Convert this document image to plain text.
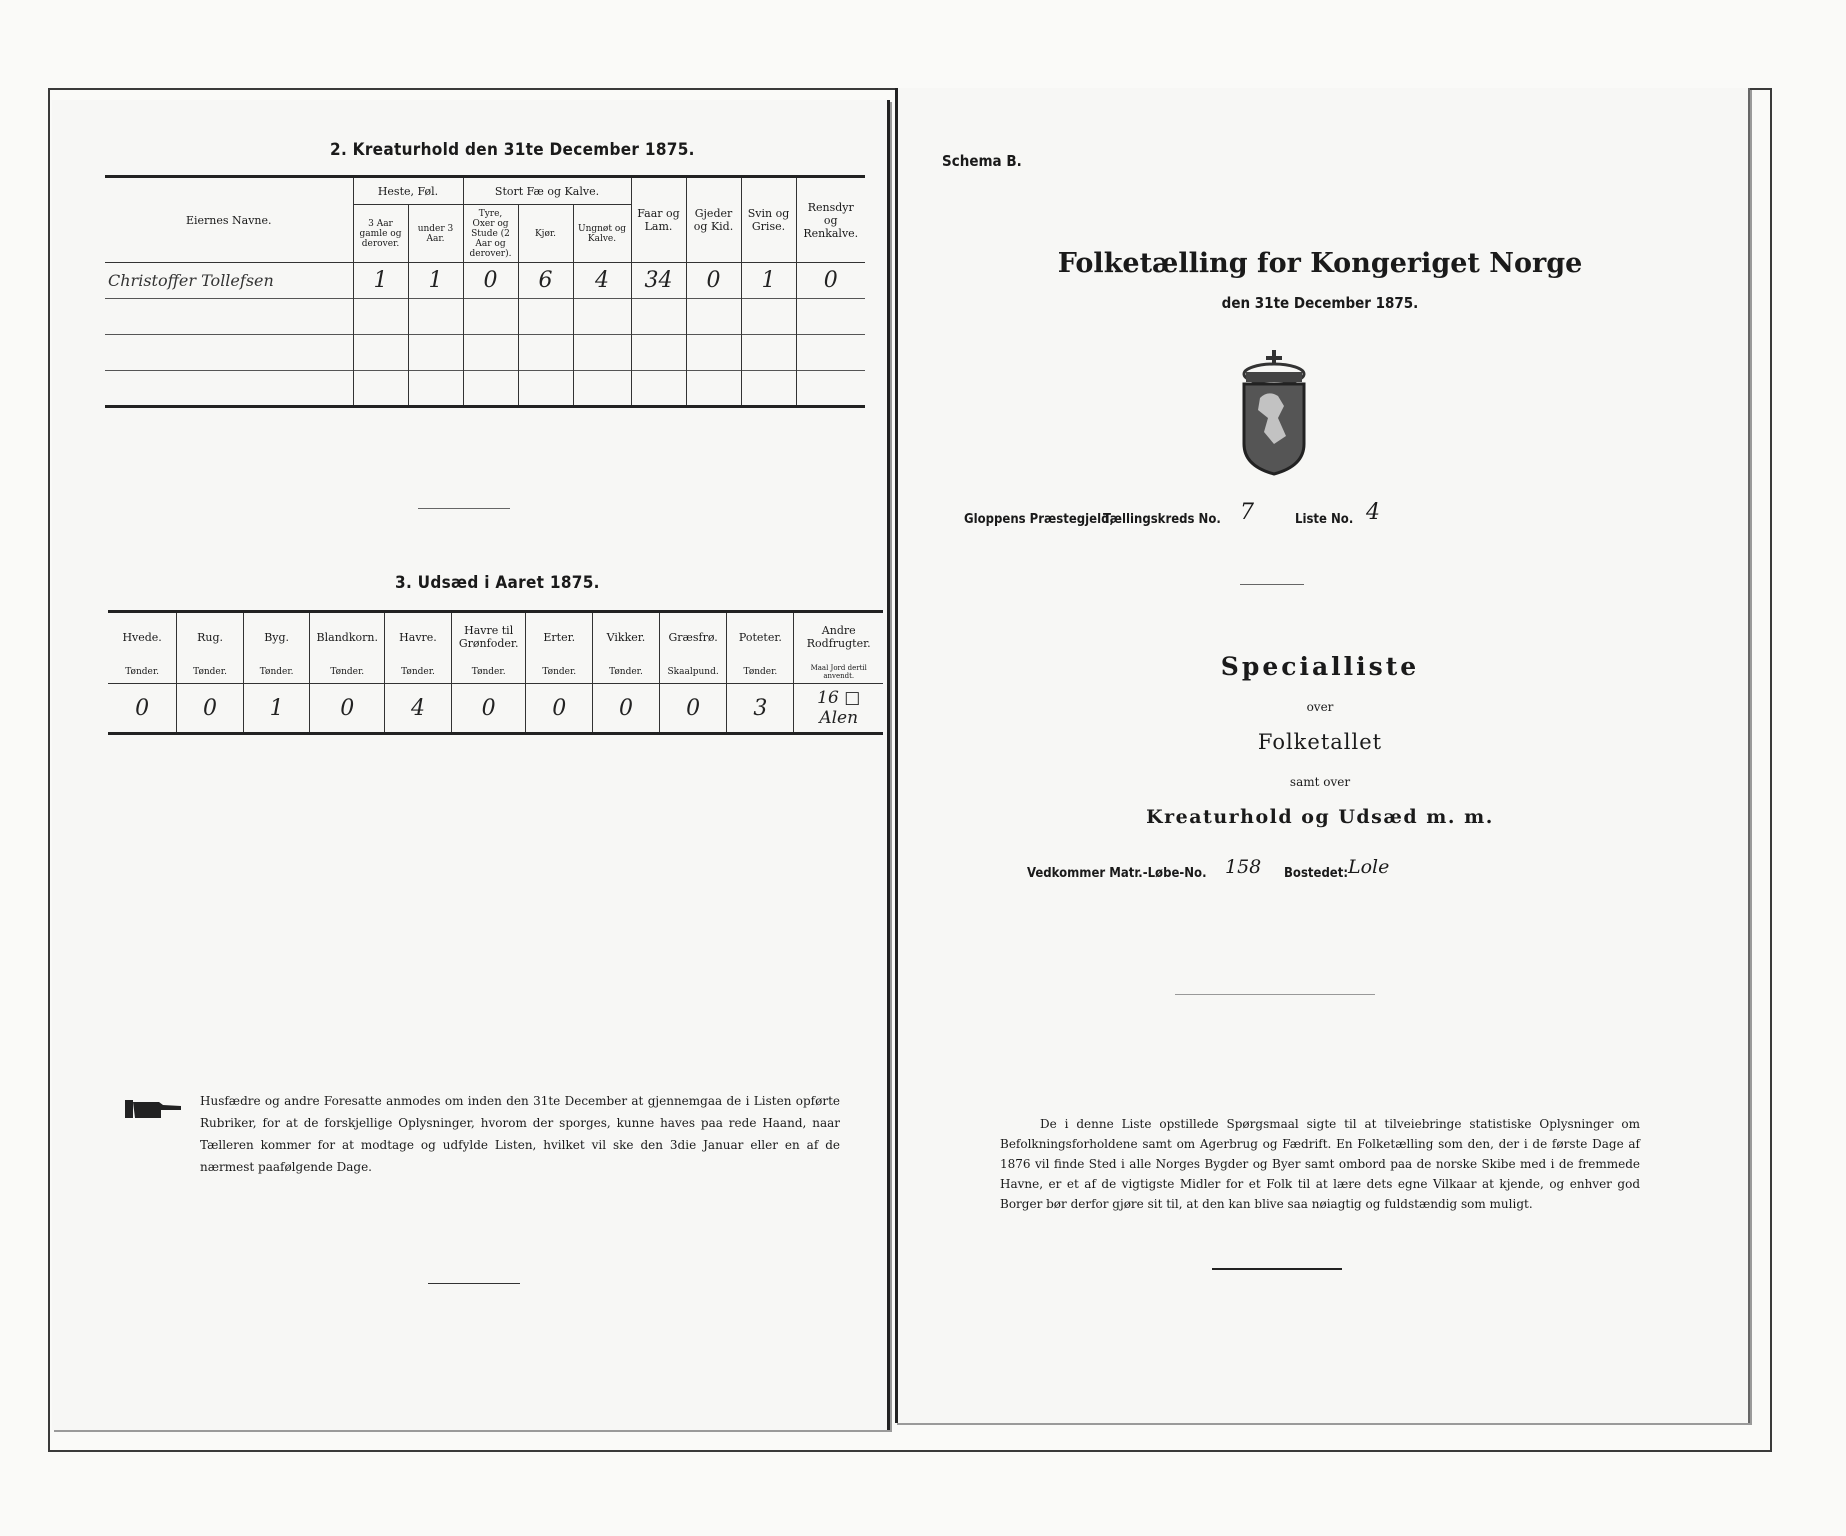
2. Kreaturhold den 31te December 1875.
Eiernes Navne.	Heste, Føl.		Stort Fæ og Kalve.			Faar og Lam.	Gjeder og Kid.	Svin og Grise.	Rensdyr og Renkalve.
	3 Aar gamle og derover.	under 3 Aar.	Tyre, Oxer og Stude (2 Aar og derover).	Kjør.	Ungnøt og Kalve.				
Christoffer Tollefsen	1	1	0	6	4	34	0	1	0

3. Udsæd i Aaret 1875.
Hvede.	Rug.	Byg.	Blandkorn.	Havre.	Havre til Grønfoder.	Erter.	Vikker.	Græsfrø.	Poteter.	Andre Rodfrugter.
Tønder.	Tønder.	Tønder.	Tønder.	Tønder.	Tønder.	Tønder.	Tønder.	Skaalpund.	Tønder.	Maal Jord dertil anvendt.
0	0	1	0	4	0	0	0	0	3	16 □ Alen
Husfædre og andre Foresatte anmodes om inden den 31te December at gjennemgaa de i Listen opførte Rubriker, for at de forskjellige Oplysninger, hvorom der sporges, kunne haves paa rede Haand, naar Tælleren kommer for at modtage og udfylde Listen, hvilket vil ske den 3die Januar eller en af de nærmest paafølgende Dage.
Schema B.
Folketælling for Kongeriget Norge
den 31te December 1875.
Gloppens Præstegjeld,
Tællingskreds No. 7	Liste No. 4
Specialliste
over
Folketallet
samt over
Kreaturhold og Udsæd m. m.
Vedkommer Matr.-Løbe-No. 158 Bostedet: Lole
De i denne Liste opstillede Spørgsmaal sigte til at tilveiebringe statistiske Oplysninger om Befolkningsforholdene samt om Agerbrug og Fædrift. En Folketælling som den, der i de første Dage af 1876 vil finde Sted i alle Norges Bygder og Byer samt ombord paa de norske Skibe med i de fremmede Havne, er et af de vigtigste Midler for et Folk til at lære dets egne Vilkaar at kjende, og enhver god Borger bør derfor gjøre sit til, at den kan blive saa nøiagtig og fuldstændig som muligt.
